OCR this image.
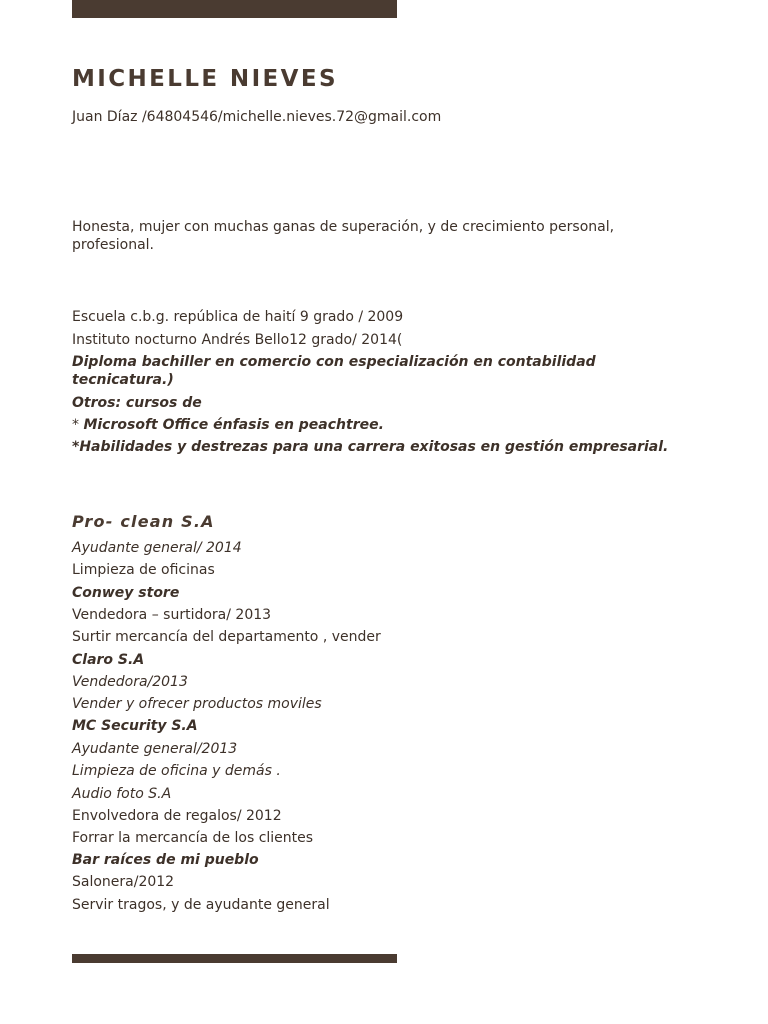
MICHELLE NIEVES
Juan Díaz /64804546/michelle.nieves.72@gmail.com
Honesta, mujer con muchas ganas de superación, y de crecimiento personal, profesional.
Escuela c.b.g. república de haití 9 grado / 2009
Instituto nocturno Andrés Bello12 grado/ 2014(
Diploma bachiller en comercio con especialización en contabilidad tecnicatura.)
Otros: cursos de
* Microsoft Office énfasis en peachtree.
*Habilidades y destrezas para una carrera exitosas en gestión empresarial.
Pro- clean S.A
Ayudante general/ 2014
Limpieza de oficinas
Conwey store
Vendedora – surtidora/ 2013
Surtir mercancía del departamento , vender
Claro S.A
Vendedora/2013
Vender y ofrecer productos moviles
MC Security S.A
Ayudante general/2013
Limpieza de oficina y demás .
Audio foto S.A
Envolvedora de regalos/ 2012
Forrar la mercancía de los clientes
Bar raíces de mi pueblo
Salonera/2012
Servir tragos, y de ayudante general
